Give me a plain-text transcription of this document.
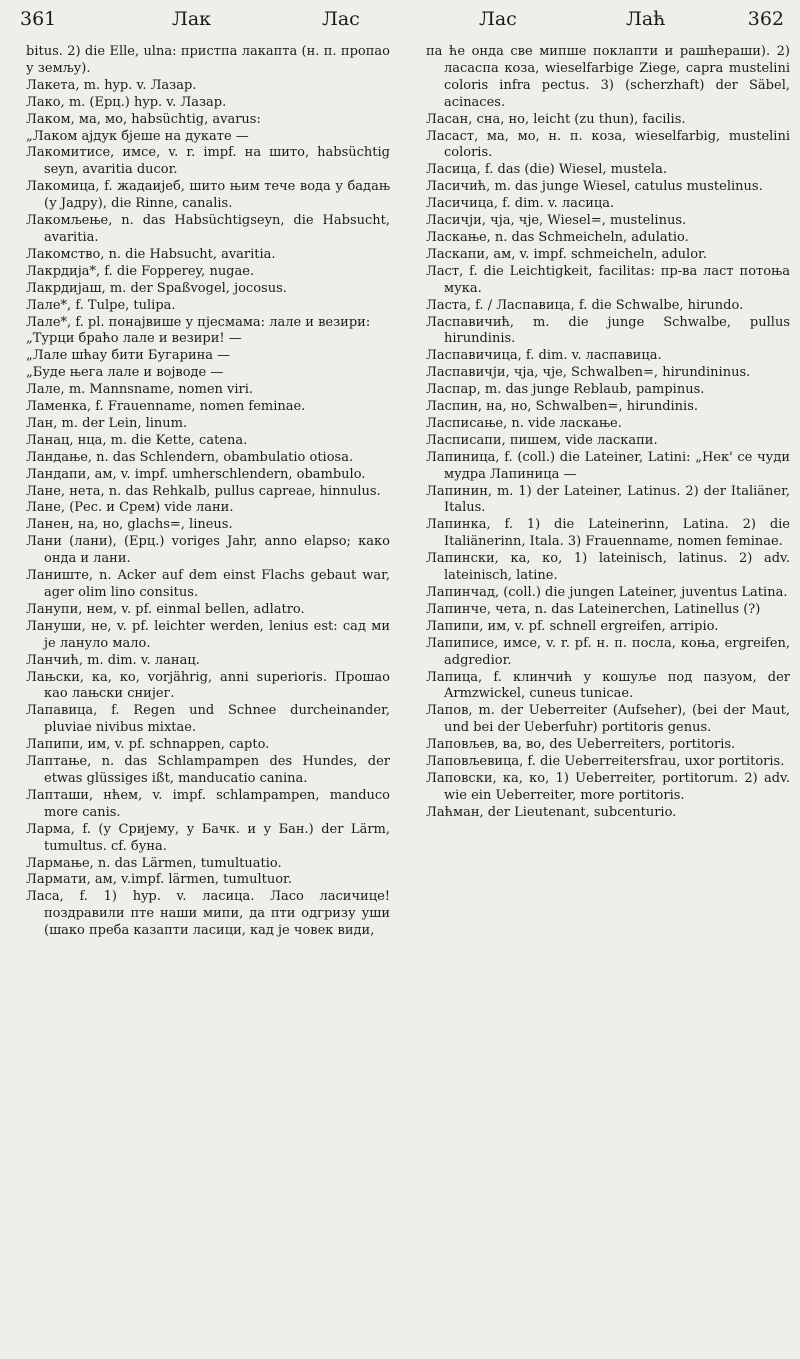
361	Лак	Лас	Лас	Лаћ	362

bitus. 2) die Elle, ulna: пристпа лакапта (н. п. пропао у земљу).

Лакета, m. hyp. v. Лазар.

Лако, m. (Ерц.) hyp. v. Лазар.

Лаком, ма, мо, habsüchtig, avarus:

„Лаком ајдук бјеше на дукате —

Лакомитисе, имсе, v. r. impf. на шито, habsüchtig seyn, avaritia ducor.

Лакомица, f. жадаијеб, шито њим тече вода у бадањ (у Јадру), die Rinne, canalis.

Лакомљење, n. das Habsüchtigseyn, die Habsucht, avaritia.

Лакомство, n. die Habsucht, avaritia.

Лакрдија*, f. die Fopperey, nugae.

Лакрдијаш, m. der Spaßvogel, jocosus.

Лале*, f. Tulpe, tulipa.

Лале*, f. pl. понајвише у пјесмама: лале и везири:

„Турци браћо лале и везири! —

„Лале шћау бити Бугарина —

„Буде њега лале и војводе —

Лале, m. Mannsname, nomen viri.

Ламенка, f. Frauenname, nomen feminae.

Лан, m. der Lein, linum.

Ланац, нца, m. die Kette, catena.

Ландање, n. das Schlendern, obambulatio otiosa.

Ландапи, ам, v. impf. umherschlendern, obambulo.

Лане, нета, n. das Rehkalb, pullus capreae, hinnulus.

Лане, (Рес. и Срем) vide лани.

Ланен, на, но, glachs=, lineus.

Лани (лани), (Ерц.) voriges Jahr, anno elapso; како онда и лани.

Ланиште, n. Acker auf dem einst Flachs gebaut war, ager olim lino consitus.

Ланупи, нем, v. pf. einmal bellen, adlatro.

Лануши, не, v. pf. leichter werden, lenius est: сад ми је лануло мало.

Ланчић, m. dim. v. ланац.

Лањски, ка, ко, vorjährig, anni superioris. Прошао као лањски снијег.

Лапавица, f. Regen und Schnee durcheinander, pluviae nivibus mixtae.

Лапипи, им, v. pf. schnappen, capto.

Лаптање, n. das Schlampampen des Hundes, der etwas glüssiges ißt, manducatio canina.

Лапташи, нћем, v. impf. schlampampen, manduco more canis.

Ларма, f. (у Сријему, у Бачк. и у Бан.) der Lärm, tumultus. cf. буна.

Лармање, n. das Lärmen, tumultuatio.

Лармати, ам, v.impf. lärmen, tumultuor.

Ласа, f. 1) hyp. v. ласица. Ласо ласичице! поздравили пте наши мипи, да пти одгризу уши (шако преба казапти ласици, кад је човек види,

па ће онда све мипше поклапти и рашћераши). 2) ласаспа коза, wieselfarbige Ziege, capra mustelini coloris infra pectus. 3) (scherzhaft) der Säbel, acinaces.

Ласан, сна, но, leicht (zu thun), facilis.

Ласаст, ма, мо, н. п. коза, wieselfarbig, mustelini coloris.

Ласица, f. das (die) Wiesel, mustela.

Ласичић, m. das junge Wiesel, catulus mustelinus.

Ласичица, f. dim. v. ласица.

Ласичји, чја, чје, Wiesel=, mustelinus.

Ласкање, n. das Schmeicheln, adulatio.

Ласкапи, ам, v. impf. schmeicheln, adulor.

Ласт, f. die Leichtigkeit, facilitas: пр-ва ласт потоња мука.

Ласта, f. / Ласпавица, f. die Schwalbe, hirundo.

Ласпавичић, m. die junge Schwalbe, pullus hirundinis.

Ласпавичица, f. dim. v. ласпавица.

Ласпавичји, чја, чје, Schwalben=, hirundininus.

Ласпар, m. das junge Reblaub, pampinus.

Ласпин, на, но, Schwalben=, hirundinis.

Ласписање, n. vide ласкање.

Ласписапи, пишем, vide ласкапи.

Лапиница, f. (coll.) die Lateiner, Latini: „Нек' се чуди мудра Лапиница —

Лапинин, m. 1) der Lateiner, Latinus. 2) der Italiäner, Italus.

Лапинка, f. 1) die Lateinerinn, Latina. 2) die Italiänerinn, Itala. 3) Frauenname, nomen feminae.

Лапински, ка, ко, 1) lateinisch, latinus. 2) adv. lateinisch, latine.

Лапинчад, (coll.) die jungen Lateiner, juventus Latina.

Лапинче, чета, n. das Lateinerchen, Latinellus (?)

Лапипи, им, v. pf. schnell ergreifen, arripio.

Лапиписе, имсе, v. r. pf. н. п. посла, коња, ergreifen, adgredior.

Лапица, f. клинчић у кошуље под пазуом, der Armzwickel, cuneus tunicae.

Лапов, m. der Ueberreiter (Aufseher), (bei der Maut, und bei der Ueberfuhr) portitoris genus.

Лаповљев, ва, во, des Ueberreiters, portitoris.

Лаповљевица, f. die Ueberreitersfrau, uxor portitoris.

Лаповски, ка, ко, 1) Ueberreiter, portitorum. 2) adv. wie ein Ueberreiter, more portitoris.

Лаћман, der Lieutenant, subcenturio.
